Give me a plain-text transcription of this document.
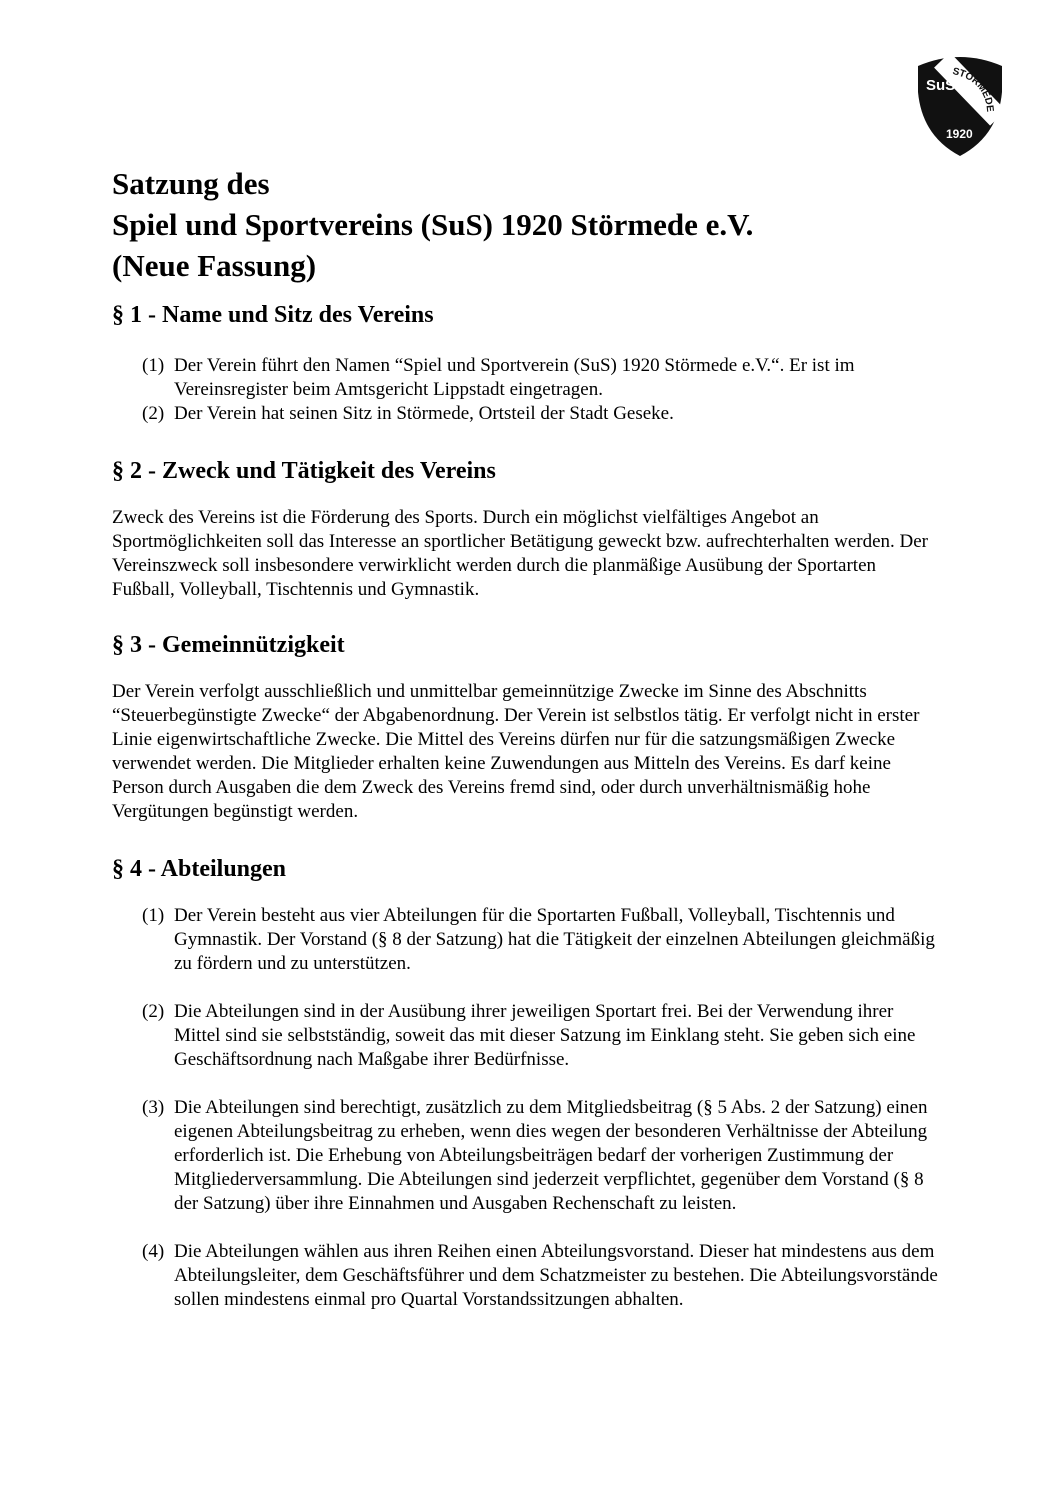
SuS
STÖRMEDE
1920
Satzung des
Spiel und Sportvereins (SuS) 1920 Störmede e.V.
(Neue Fassung)
§ 1 - Name und Sitz des Vereins
(1) Der Verein führt den Namen “Spiel und Sportverein (SuS) 1920 Störmede e.V.“. Er ist im Vereinsregister beim Amtsgericht Lippstadt eingetragen.
(2) Der Verein hat seinen Sitz in Störmede, Ortsteil der Stadt Geseke.
§ 2 - Zweck und Tätigkeit des Vereins

Zweck des Vereins ist die Förderung des Sports. Durch ein möglichst vielfältiges Angebot an Sportmöglichkeiten soll das Interesse an sportlicher Betätigung geweckt bzw. aufrechterhalten werden. Der Vereinszweck soll insbesondere verwirklicht werden durch die planmäßige Ausübung der Sportarten Fußball, Volleyball, Tischtennis und Gymnastik.

§ 3 - Gemeinnützigkeit

Der Verein verfolgt ausschließlich und unmittelbar gemeinnützige Zwecke im Sinne des Abschnitts “Steuerbegünstigte Zwecke“ der Abgabenordnung. Der Verein ist selbstlos tätig. Er verfolgt nicht in erster Linie eigenwirtschaftliche Zwecke. Die Mittel des Vereins dürfen nur für die satzungsmäßigen Zwecke verwendet werden. Die Mitglieder erhalten keine Zuwendungen aus Mitteln des Vereins. Es darf keine Person durch Ausgaben die dem Zweck des Vereins fremd sind, oder durch unverhältnismäßig hohe Vergütungen begünstigt werden.

§ 4 - Abteilungen
(1) Der Verein besteht aus vier Abteilungen für die Sportarten Fußball, Volleyball, Tischtennis und Gymnastik. Der Vorstand (§ 8 der Satzung) hat die Tätigkeit der einzelnen Abteilungen gleichmäßig zu fördern und zu unterstützen.
(2) Die Abteilungen sind in der Ausübung ihrer jeweiligen Sportart frei. Bei der Verwendung ihrer Mittel sind sie selbstständig, soweit das mit dieser Satzung im Einklang steht. Sie geben sich eine Geschäftsordnung nach Maßgabe ihrer Bedürfnisse.
(3) Die Abteilungen sind berechtigt, zusätzlich zu dem Mitgliedsbeitrag (§ 5 Abs. 2 der Satzung) einen eigenen Abteilungsbeitrag zu erheben, wenn dies wegen der besonderen Verhältnisse der Abteilung erforderlich ist. Die Erhebung von Abteilungsbeiträgen bedarf der vorherigen Zustimmung der Mitgliederversammlung. Die Abteilungen sind jederzeit verpflichtet, gegenüber dem Vorstand (§ 8 der Satzung) über ihre Einnahmen und Ausgaben Rechenschaft zu leisten.
(4) Die Abteilungen wählen aus ihren Reihen einen Abteilungsvorstand. Dieser hat mindestens aus dem Abteilungsleiter, dem Geschäftsführer und dem Schatzmeister zu bestehen. Die Abteilungsvorstände sollen mindestens einmal pro Quartal Vorstandssitzungen abhalten.
